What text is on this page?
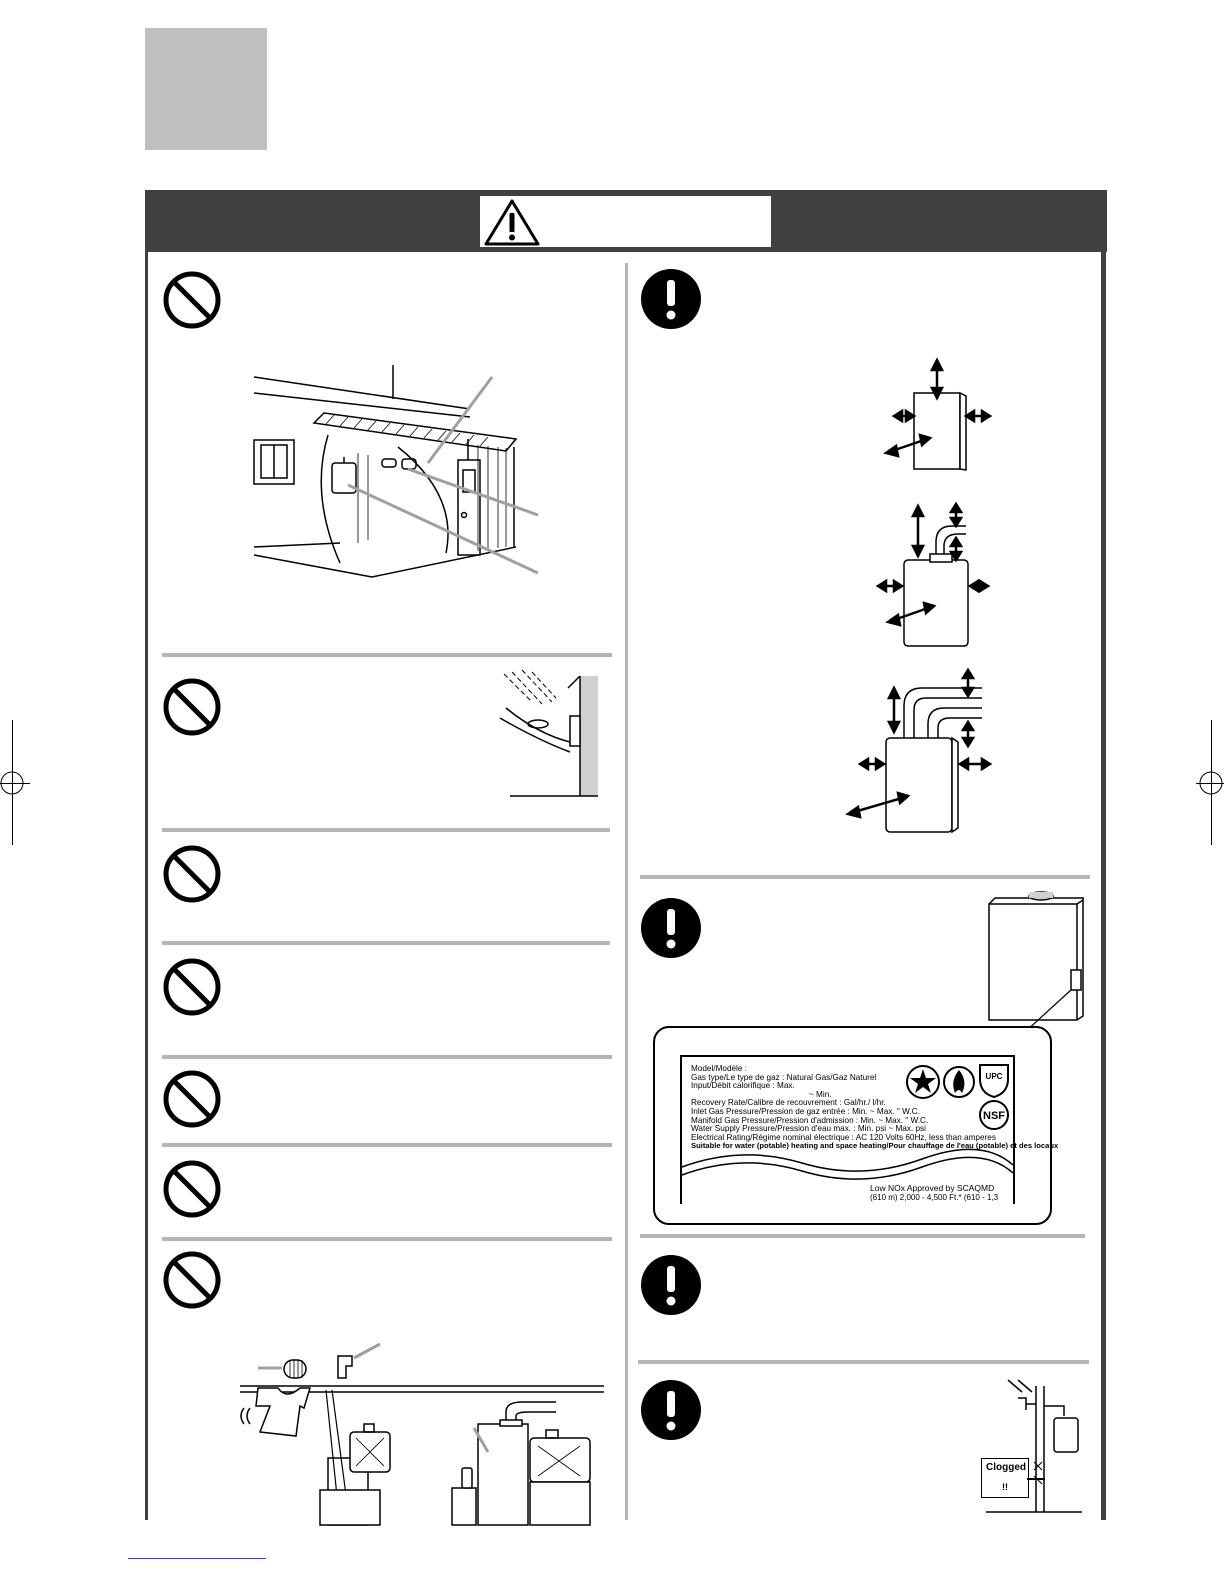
Model/Modèle :
Gas type/Le type de gaz : Natural Gas/Gaz Naturel
Input/Débit calorifique : Max.
~ Min.
Recovery Rate/Calibre de recouvrement : Gal/hr./ l/hr.
Inlet Gas Pressure/Pression de gaz entrée : Min. ~ Max. " W.C.
Manifold Gas Pressure/Pression d'admission : Min. ~ Max. " W.C.
Water Supply Pressure/Pression d'eau max. : Min. psi ~ Max. psi
Electrical Rating/Régime nominal électrique : AC 120 Volts 60Hz, less than amperes
Suitable for water (potable) heating and space heating/Pour chauffage de l'eau (potable) et des locaux
UPC
NSF
Low NOx Approved by SCAQMD
(610 m) 2,000 - 4,500 Ft.* (610 - 1,3
Clogged
!!
